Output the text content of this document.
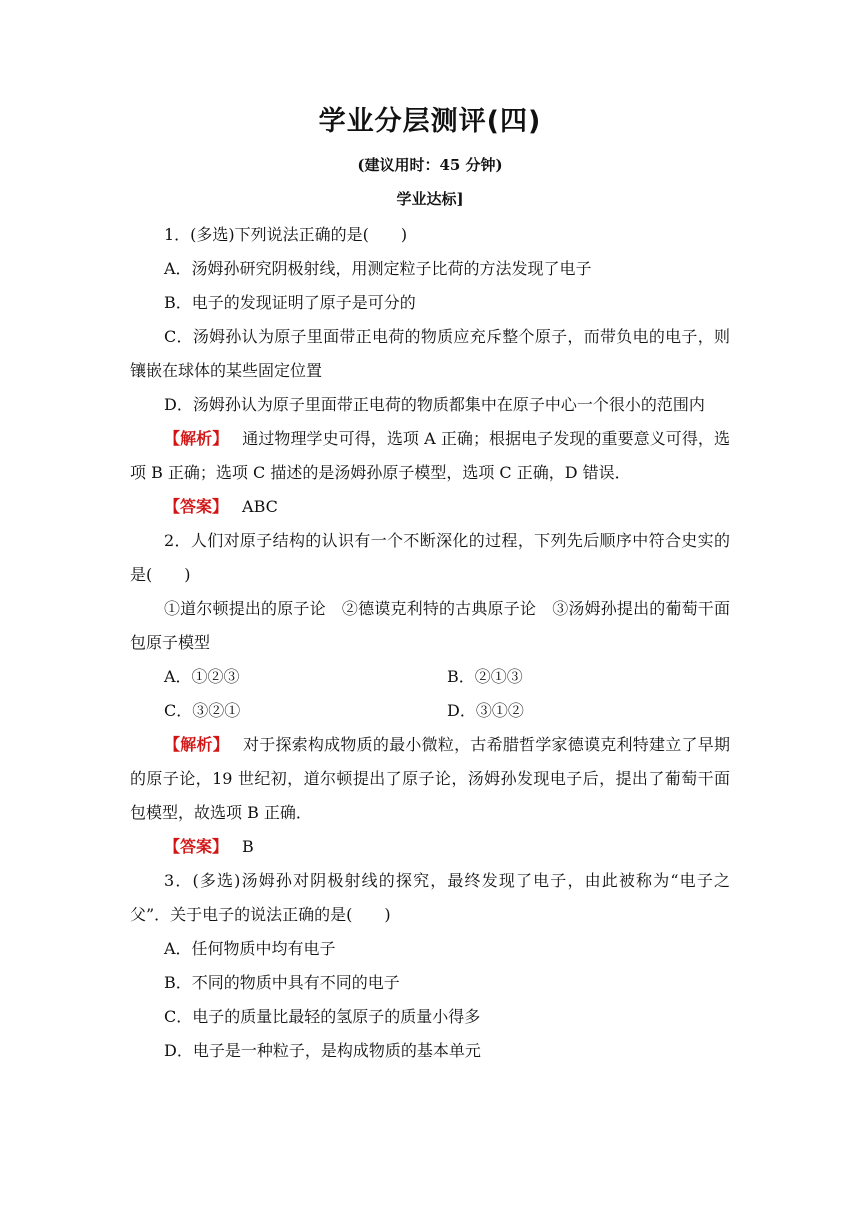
学业分层测评(四)
(建议用时：45 分钟)
学业达标]
1．(多选)下列说法正确的是(　　)
A．汤姆孙研究阴极射线，用测定粒子比荷的方法发现了电子
B．电子的发现证明了原子是可分的
C．汤姆孙认为原子里面带正电荷的物质应充斥整个原子，而带负电的电子，则镶嵌在球体的某些固定位置
D．汤姆孙认为原子里面带正电荷的物质都集中在原子中心一个很小的范围内
【解析】 通过物理学史可得，选项 A 正确；根据电子发现的重要意义可得，选项 B 正确；选项 C 描述的是汤姆孙原子模型，选项 C 正确，D 错误．
【答案】 ABC
2．人们对原子结构的认识有一个不断深化的过程，下列先后顺序中符合史实的是(　　)
①道尔顿提出的原子论　②德谟克利特的古典原子论　③汤姆孙提出的葡萄干面包原子模型
A．①②③	B．②①③
C．③②①	D．③①②
【解析】 对于探索构成物质的最小微粒，古希腊哲学家德谟克利特建立了早期的原子论，19 世纪初，道尔顿提出了原子论，汤姆孙发现电子后，提出了葡萄干面包模型，故选项 B 正确．
【答案】 B
3．(多选)汤姆孙对阴极射线的探究，最终发现了电子，由此被称为“电子之父”．关于电子的说法正确的是(　　)
A．任何物质中均有电子
B．不同的物质中具有不同的电子
C．电子的质量比最轻的氢原子的质量小得多
D．电子是一种粒子，是构成物质的基本单元
